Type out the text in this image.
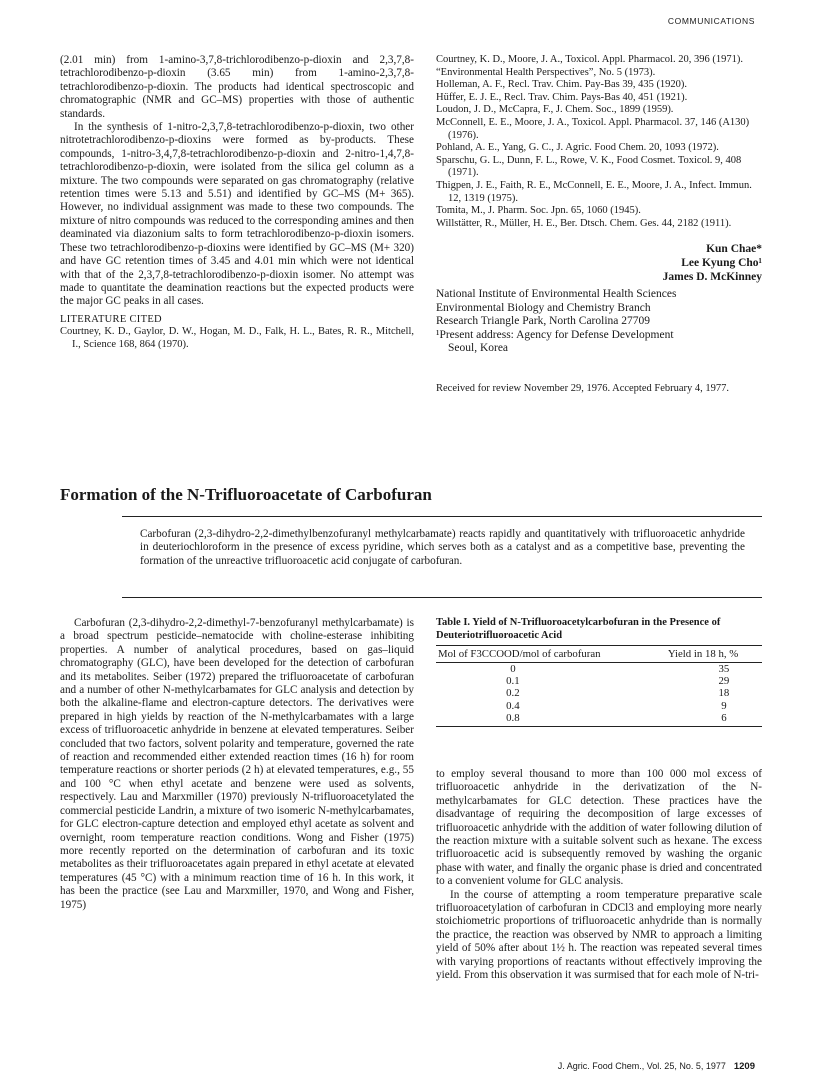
COMMUNICATIONS

(2.01 min) from 1-amino-3,7,8-trichlorodibenzo-p-dioxin and 2,3,7,8-tetrachlorodibenzo-p-dioxin (3.65 min) from 1-amino-2,3,7,8-tetrachlorodibenzo-p-dioxin. The products had identical spectroscopic and chromatographic (NMR and GC–MS) properties with those of authentic standards.

In the synthesis of 1-nitro-2,3,7,8-tetrachlorodibenzo-p-dioxin, two other nitrotetrachlorodibenzo-p-dioxins were formed as by-products. These compounds, 1-nitro-3,4,7,8-tetrachlorodibenzo-p-dioxin and 2-nitro-1,4,7,8-tetrachlorodibenzo-p-dioxin, were isolated from the silica gel column as a mixture. The two compounds were separated on gas chromatography (relative retention times were 5.13 and 5.51) and identified by GC–MS (M+ 365). However, no individual assignment was made to these two compounds. The mixture of nitro compounds was reduced to the corresponding amines and then deaminated via diazonium salts to form tetrachlorodibenzo-p-dioxin isomers. These two tetrachlorodibenzo-p-dioxins were identified by GC–MS (M+ 320) and have GC retention times of 3.45 and 4.01 min which were not identical with that of the 2,3,7,8-tetrachlorodibenzo-p-dioxin isomer. No attempt was made to quantitate the deamination reactions but the expected products were the major GC peaks in all cases.

LITERATURE CITED
Courtney, K. D., Gaylor, D. W., Hogan, M. D., Falk, H. L., Bates, R. R., Mitchell, I., Science 168, 864 (1970).
Courtney, K. D., Moore, J. A., Toxicol. Appl. Pharmacol. 20, 396 (1971).
“Environmental Health Perspectives”, No. 5 (1973).
Holleman, A. F., Recl. Trav. Chim. Pay-Bas 39, 435 (1920).
Hüffer, E. J. E., Recl. Trav. Chim. Pays-Bas 40, 451 (1921).
Loudon, J. D., McCapra, F., J. Chem. Soc., 1899 (1959).
McConnell, E. E., Moore, J. A., Toxicol. Appl. Pharmacol. 37, 146 (A130) (1976).
Pohland, A. E., Yang, G. C., J. Agric. Food Chem. 20, 1093 (1972).
Sparschu, G. L., Dunn, F. L., Rowe, V. K., Food Cosmet. Toxicol. 9, 408 (1971).
Thigpen, J. E., Faith, R. E., McConnell, E. E., Moore, J. A., Infect. Immun. 12, 1319 (1975).
Tomita, M., J. Pharm. Soc. Jpn. 65, 1060 (1945).
Willstätter, R., Müller, H. E., Ber. Dtsch. Chem. Ges. 44, 2182 (1911).
Kun Chae*
Lee Kyung Cho¹
James D. McKinney
National Institute of Environmental Health Sciences
Environmental Biology and Chemistry Branch
Research Triangle Park, North Carolina 27709
¹Present address: Agency for Defense Development
Seoul, Korea
Received for review November 29, 1976. Accepted February 4, 1977.
Formation of the N-Trifluoroacetate of Carbofuran
Carbofuran (2,3-dihydro-2,2-dimethylbenzofuranyl methylcarbamate) reacts rapidly and quantitatively with trifluoroacetic anhydride in deuteriochloroform in the presence of excess pyridine, which serves both as a catalyst and as a competitive base, preventing the formation of the unreactive trifluoroacetic acid conjugate of carbofuran.

Carbofuran (2,3-dihydro-2,2-dimethyl-7-benzofuranyl methylcarbamate) is a broad spectrum pesticide–nematocide with choline-esterase inhibiting properties. A number of analytical procedures, based on gas–liquid chromatography (GLC), have been developed for the detection of carbofuran and its metabolites. Seiber (1972) prepared the trifluoroacetate of carbofuran and a number of other N-methylcarbamates for GLC analysis and detection by both the alkaline-flame and electron-capture detectors. The derivatives were prepared in high yields by reaction of the N-methylcarbamates with a large excess of trifluoroacetic anhydride in benzene at elevated temperatures. Seiber concluded that two factors, solvent polarity and temperature, governed the rate of reaction and recommended either extended reaction times (16 h) for room temperature reactions or shorter periods (2 h) at elevated temperatures, e.g., 55 and 100 °C when ethyl acetate and benzene were used as solvents, respectively. Lau and Marxmiller (1970) previously N-trifluoroacetylated the commercial pesticide Landrin, a mixture of two isomeric N-methylcarbamates, for GLC electron-capture detection and employed ethyl acetate as solvent and overnight, room temperature reaction conditions. Wong and Fisher (1975) more recently reported on the determination of carbofuran and its toxic metabolites as their trifluoroacetates again prepared in ethyl acetate at elevated temperatures (45 °C) with a minimum reaction time of 16 h. In this work, it has been the practice (see Lau and Marxmiller, 1970, and Wong and Fisher, 1975)

Table I. Yield of N-Trifluoroacetylcarbofuran in the Presence of Deuteriotrifluoroacetic Acid
Mol of F3CCOOD/mol of carbofuran	Yield in 18 h, %
0	35
0.1	29
0.2	18
0.4	9
0.8	6

to employ several thousand to more than 100 000 mol excess of trifluoroacetic anhydride in the derivatization of the N-methylcarbamates for GLC detection. These practices have the disadvantage of requiring the decomposition of large excesses of trifluoroacetic anhydride with the addition of water following dilution of the reaction mixture with a suitable solvent such as hexane. The excess trifluoroacetic acid is subsequently removed by washing the organic phase with water, and finally the organic phase is dried and concentrated to a convenient volume for GLC analysis.

In the course of attempting a room temperature preparative scale trifluoroacetylation of carbofuran in CDCl3 and employing more nearly stoichiometric proportions of trifluoroacetic anhydride than is normally the practice, the reaction was observed by NMR to approach a limiting yield of 50% after about 1½ h. The reaction was repeated several times with varying proportions of reactants without effectively improving the yield. From this observation it was surmised that for each mole of N-tri-

J. Agric. Food Chem., Vol. 25, No. 5, 1977 1209
